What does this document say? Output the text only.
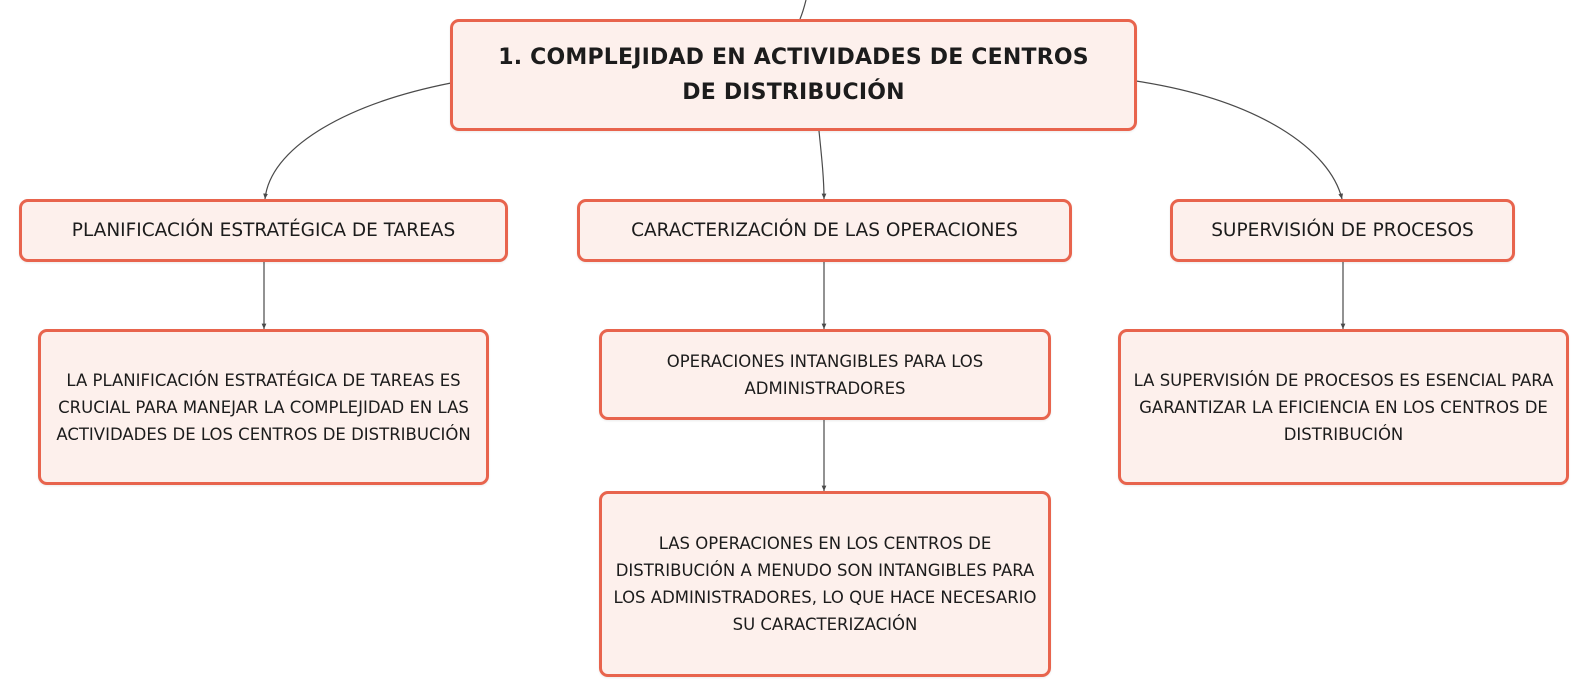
1. COMPLEJIDAD EN ACTIVIDADES DE CENTROS DE DISTRIBUCIÓN
PLANIFICACIÓN ESTRATÉGICA DE TAREAS	CARACTERIZACIÓN DE LAS OPERACIONES	SUPERVISIÓN DE PROCESOS
LA PLANIFICACIÓN ESTRATÉGICA DE TAREAS ES CRUCIAL PARA MANEJAR LA COMPLEJIDAD EN LAS ACTIVIDADES DE LOS CENTROS DE DISTRIBUCIÓN
OPERACIONES INTANGIBLES PARA LOS ADMINISTRADORES
LAS OPERACIONES EN LOS CENTROS DE DISTRIBUCIÓN A MENUDO SON INTANGIBLES PARA LOS ADMINISTRADORES, LO QUE HACE NECESARIO SU CARACTERIZACIÓN
LA SUPERVISIÓN DE PROCESOS ES ESENCIAL PARA GARANTIZAR LA EFICIENCIA EN LOS CENTROS DE DISTRIBUCIÓN
